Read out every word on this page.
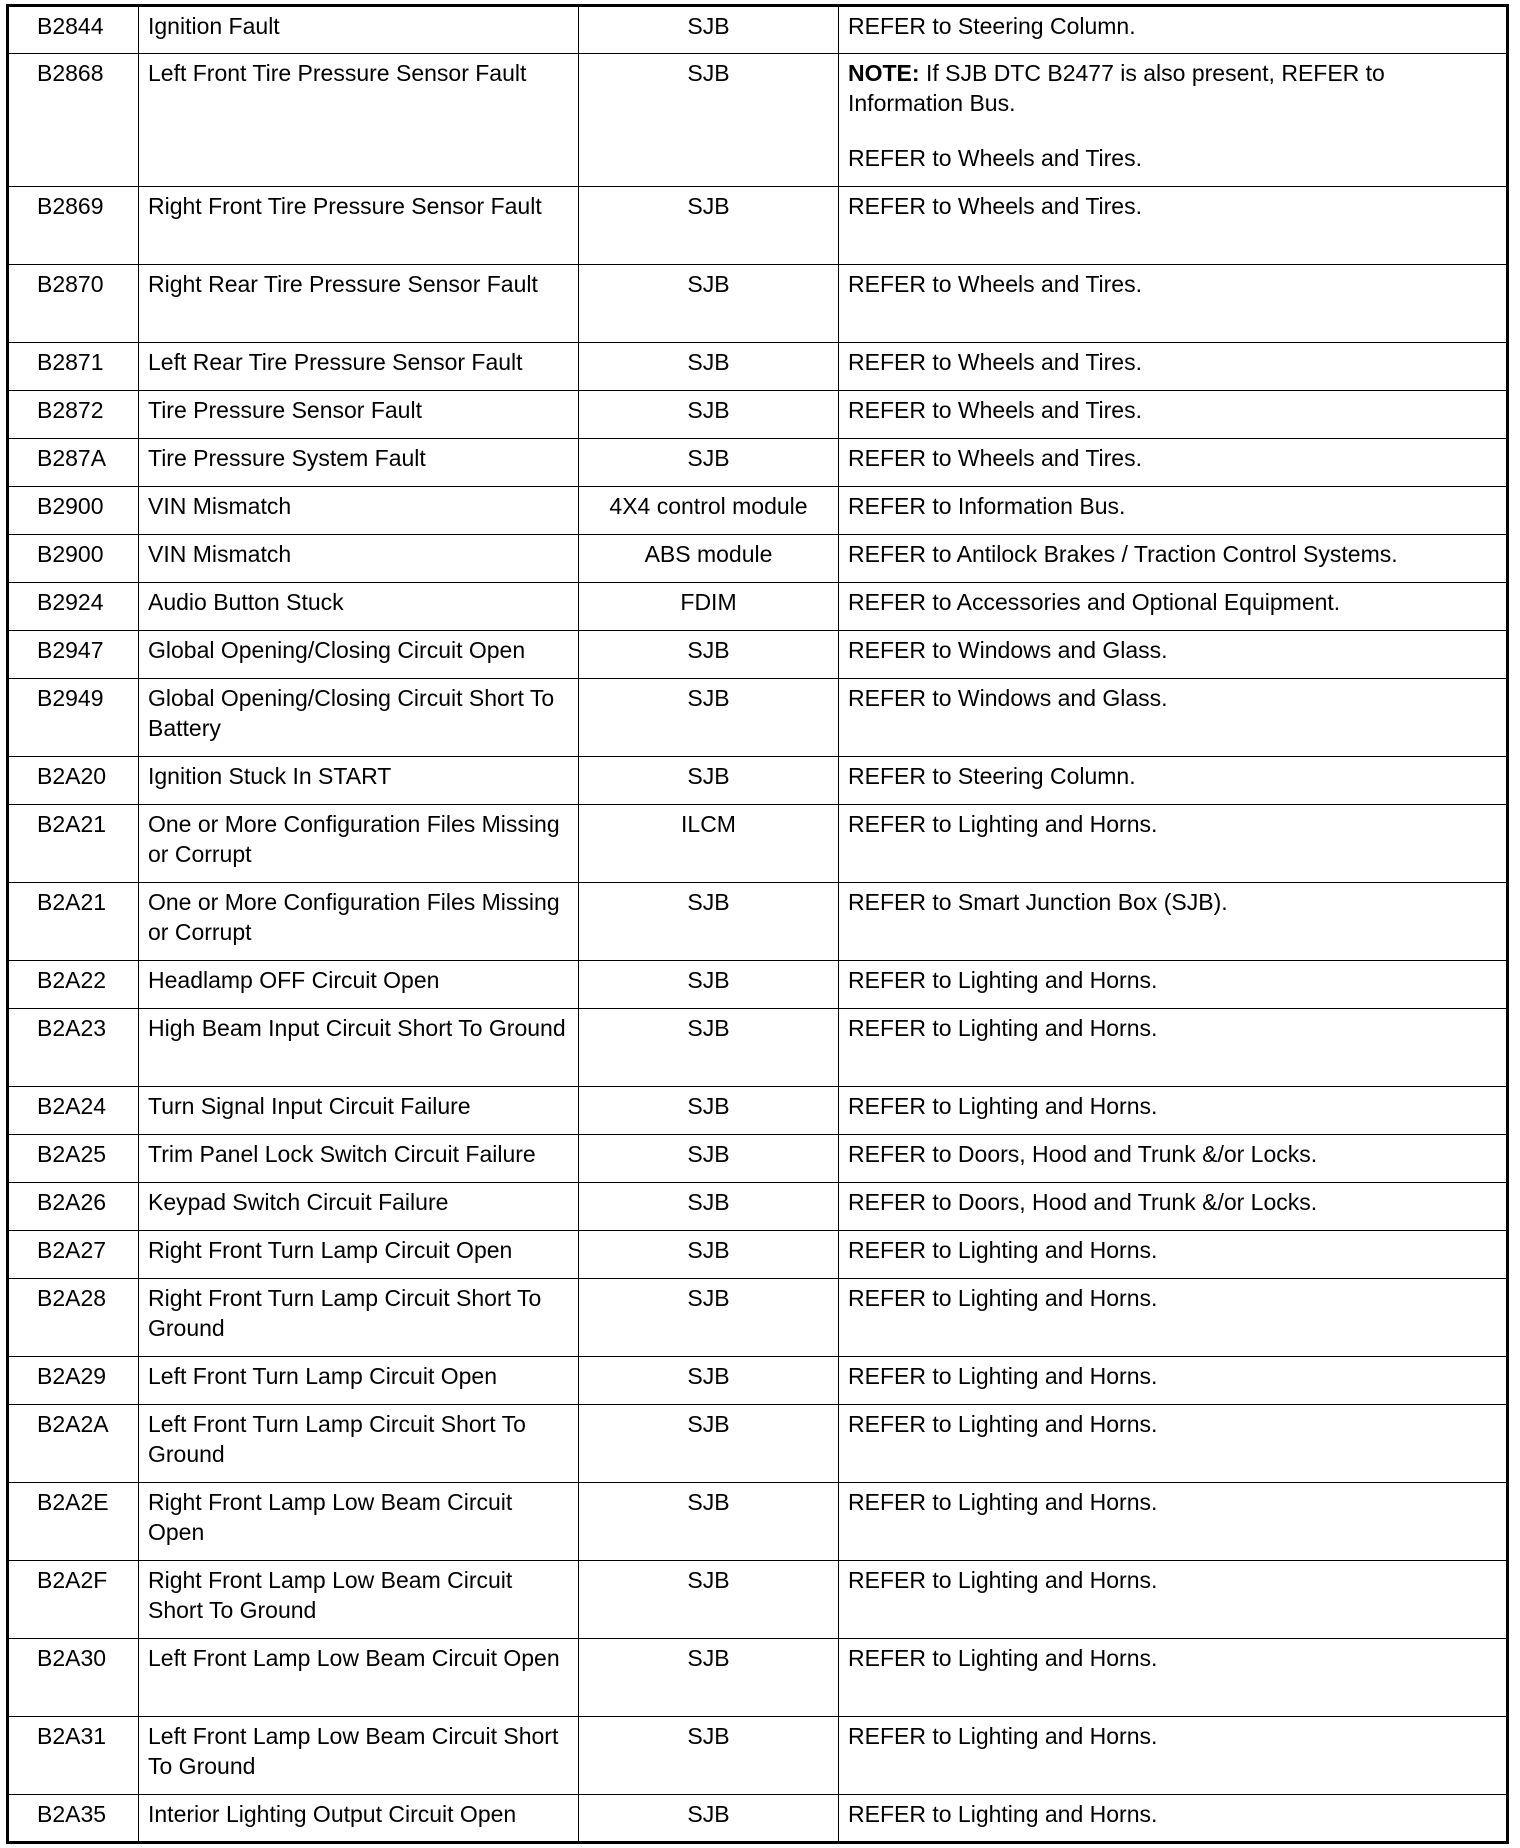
B2844	Ignition Fault	SJB	REFER to Steering Column.
B2868	Left Front Tire Pressure Sensor Fault	SJB	NOTE: If SJB DTC B2477 is also present, REFER to Information Bus.
REFER to Wheels and Tires.
B2869	Right Front Tire Pressure Sensor Fault	SJB	REFER to Wheels and Tires.
B2870	Right Rear Tire Pressure Sensor Fault	SJB	REFER to Wheels and Tires.
B2871	Left Rear Tire Pressure Sensor Fault	SJB	REFER to Wheels and Tires.
B2872	Tire Pressure Sensor Fault	SJB	REFER to Wheels and Tires.
B287A	Tire Pressure System Fault	SJB	REFER to Wheels and Tires.
B2900	VIN Mismatch	4X4 control module	REFER to Information Bus.
B2900	VIN Mismatch	ABS module	REFER to Antilock Brakes / Traction Control Systems.
B2924	Audio Button Stuck	FDIM	REFER to Accessories and Optional Equipment.
B2947	Global Opening/Closing Circuit Open	SJB	REFER to Windows and Glass.
B2949	Global Opening/Closing Circuit Short To Battery	SJB	REFER to Windows and Glass.
B2A20	Ignition Stuck In START	SJB	REFER to Steering Column.
B2A21	One or More Configuration Files Missing or Corrupt	ILCM	REFER to Lighting and Horns.
B2A21	One or More Configuration Files Missing or Corrupt	SJB	REFER to Smart Junction Box (SJB).
B2A22	Headlamp OFF Circuit Open	SJB	REFER to Lighting and Horns.
B2A23	High Beam Input Circuit Short To Ground	SJB	REFER to Lighting and Horns.
B2A24	Turn Signal Input Circuit Failure	SJB	REFER to Lighting and Horns.
B2A25	Trim Panel Lock Switch Circuit Failure	SJB	REFER to Doors, Hood and Trunk &/or Locks.
B2A26	Keypad Switch Circuit Failure	SJB	REFER to Doors, Hood and Trunk &/or Locks.
B2A27	Right Front Turn Lamp Circuit Open	SJB	REFER to Lighting and Horns.
B2A28	Right Front Turn Lamp Circuit Short To Ground	SJB	REFER to Lighting and Horns.
B2A29	Left Front Turn Lamp Circuit Open	SJB	REFER to Lighting and Horns.
B2A2A	Left Front Turn Lamp Circuit Short To Ground	SJB	REFER to Lighting and Horns.
B2A2E	Right Front Lamp Low Beam Circuit Open	SJB	REFER to Lighting and Horns.
B2A2F	Right Front Lamp Low Beam Circuit Short To Ground	SJB	REFER to Lighting and Horns.
B2A30	Left Front Lamp Low Beam Circuit Open	SJB	REFER to Lighting and Horns.
B2A31	Left Front Lamp Low Beam Circuit Short To Ground	SJB	REFER to Lighting and Horns.
B2A35	Interior Lighting Output Circuit Open	SJB	REFER to Lighting and Horns.
